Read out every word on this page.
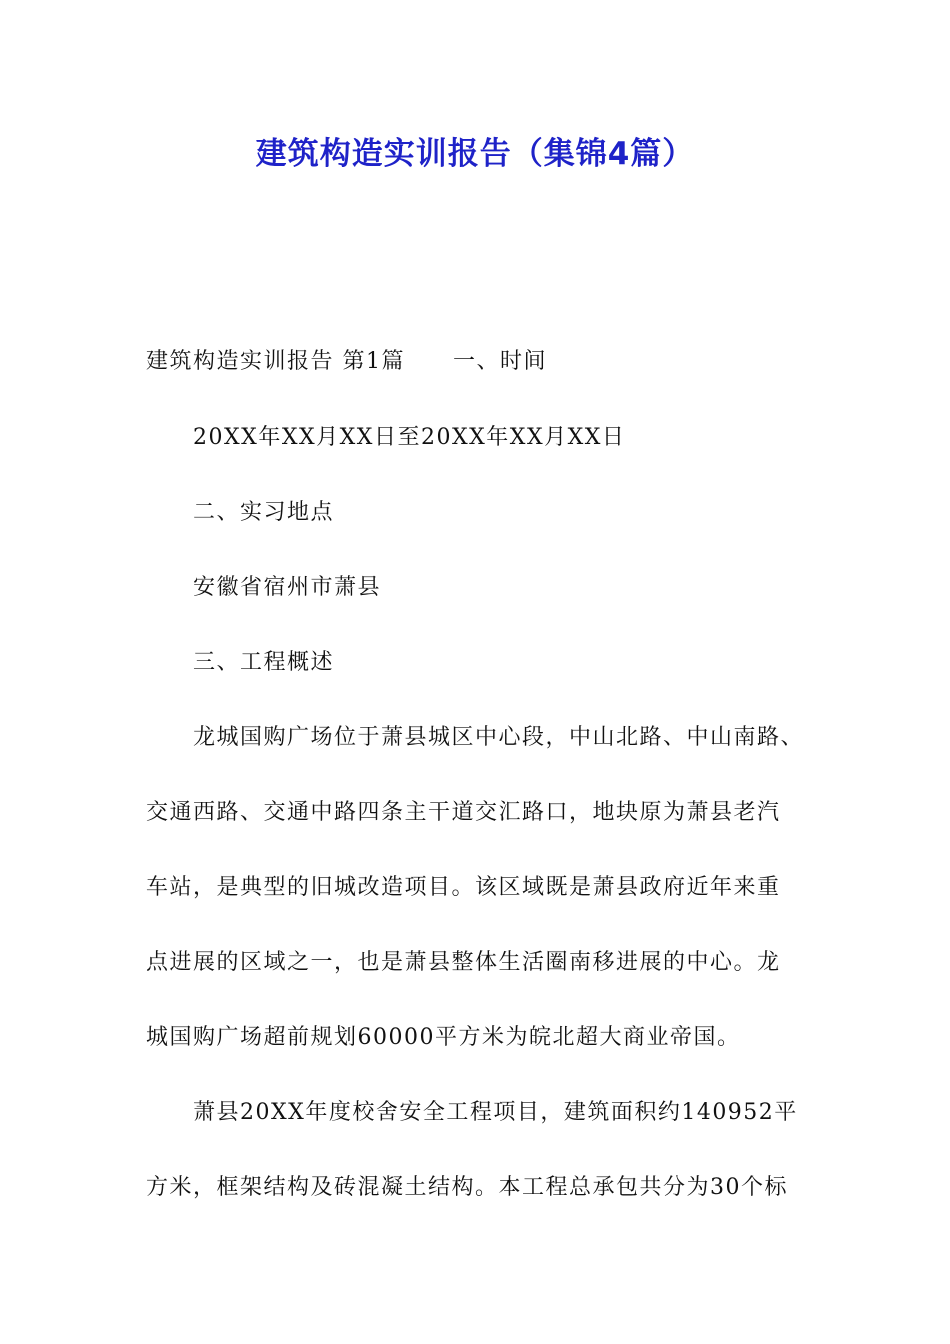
建筑构造实训报告（集锦4篇）
建筑构造实训报告 第1篇 一、时间
20XX年XX月XX日至20XX年XX月XX日
二、实习地点
安徽省宿州市萧县
三、工程概述
龙城国购广场位于萧县城区中心段，中山北路、中山南路、
交通西路、交通中路四条主干道交汇路口，地块原为萧县老汽
车站，是典型的旧城改造项目。该区域既是萧县政府近年来重
点进展的区域之一，也是萧县整体生活圈南移进展的中心。龙
城国购广场超前规划60000平方米为皖北超大商业帝国。
萧县20XX年度校舍安全工程项目，建筑面积约140952平
方米，框架结构及砖混凝土结构。本工程总承包共分为30个标
